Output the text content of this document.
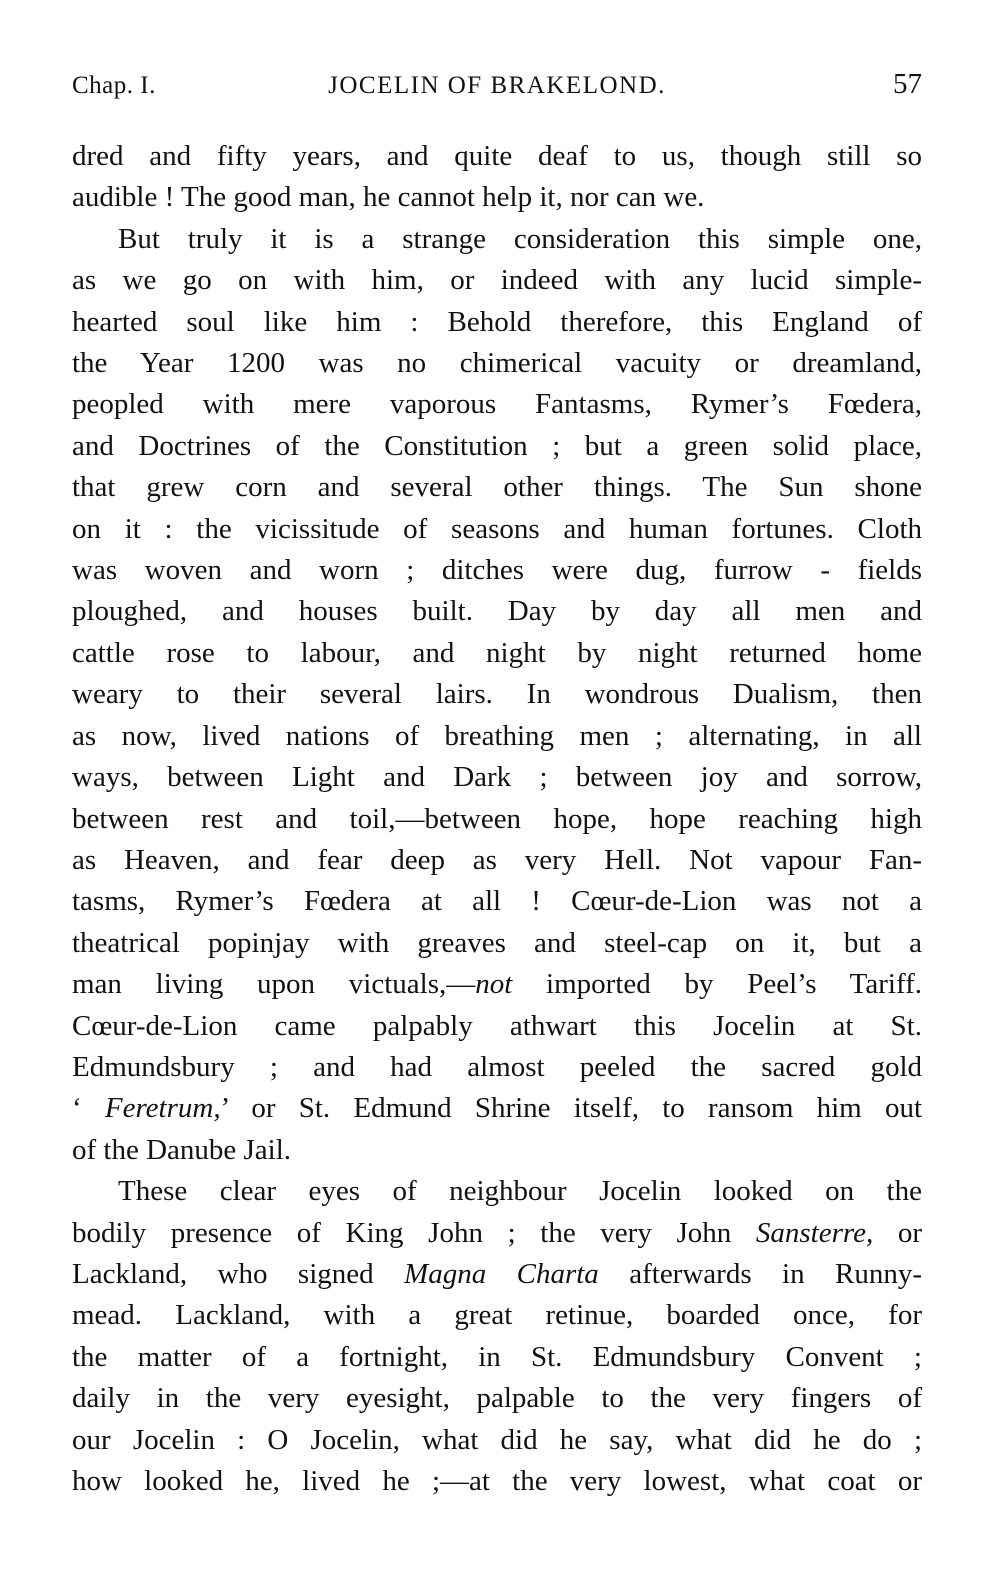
Chap. I.	JOCELIN OF BRAKELOND.	57
dred and fifty years, and quite deaf to us, though still so
audible ! The good man, he cannot help it, nor can we.
But truly it is a strange consideration this simple one,
as we go on with him, or indeed with any lucid simple-
hearted soul like him : Behold therefore, this England of
the Year 1200 was no chimerical vacuity or dreamland,
peopled with mere vaporous Fantasms, Rymer’s Fœdera,
and Doctrines of the Constitution ; but a green solid place,
that grew corn and several other things. The Sun shone
on it : the vicissitude of seasons and human fortunes. Cloth
was woven and worn ; ditches were dug, furrow - fields
ploughed, and houses built. Day by day all men and
cattle rose to labour, and night by night returned home
weary to their several lairs. In wondrous Dualism, then
as now, lived nations of breathing men ; alternating, in all
ways, between Light and Dark ; between joy and sorrow,
between rest and toil,—between hope, hope reaching high
as Heaven, and fear deep as very Hell. Not vapour Fan-
tasms, Rymer’s Fœdera at all ! Cœur-de-Lion was not a
theatrical popinjay with greaves and steel-cap on it, but a
man living upon victuals,—not imported by Peel’s Tariff.
Cœur-de-Lion came palpably athwart this Jocelin at St.
Edmundsbury ; and had almost peeled the sacred gold
‘ Feretrum,’ or St. Edmund Shrine itself, to ransom him out
of the Danube Jail.
These clear eyes of neighbour Jocelin looked on the
bodily presence of King John ; the very John Sansterre, or
Lackland, who signed Magna Charta afterwards in Runny-
mead. Lackland, with a great retinue, boarded once, for
the matter of a fortnight, in St. Edmundsbury Convent ;
daily in the very eyesight, palpable to the very fingers of
our Jocelin : O Jocelin, what did he say, what did he do ;
how looked he, lived he ;—at the very lowest, what coat or
